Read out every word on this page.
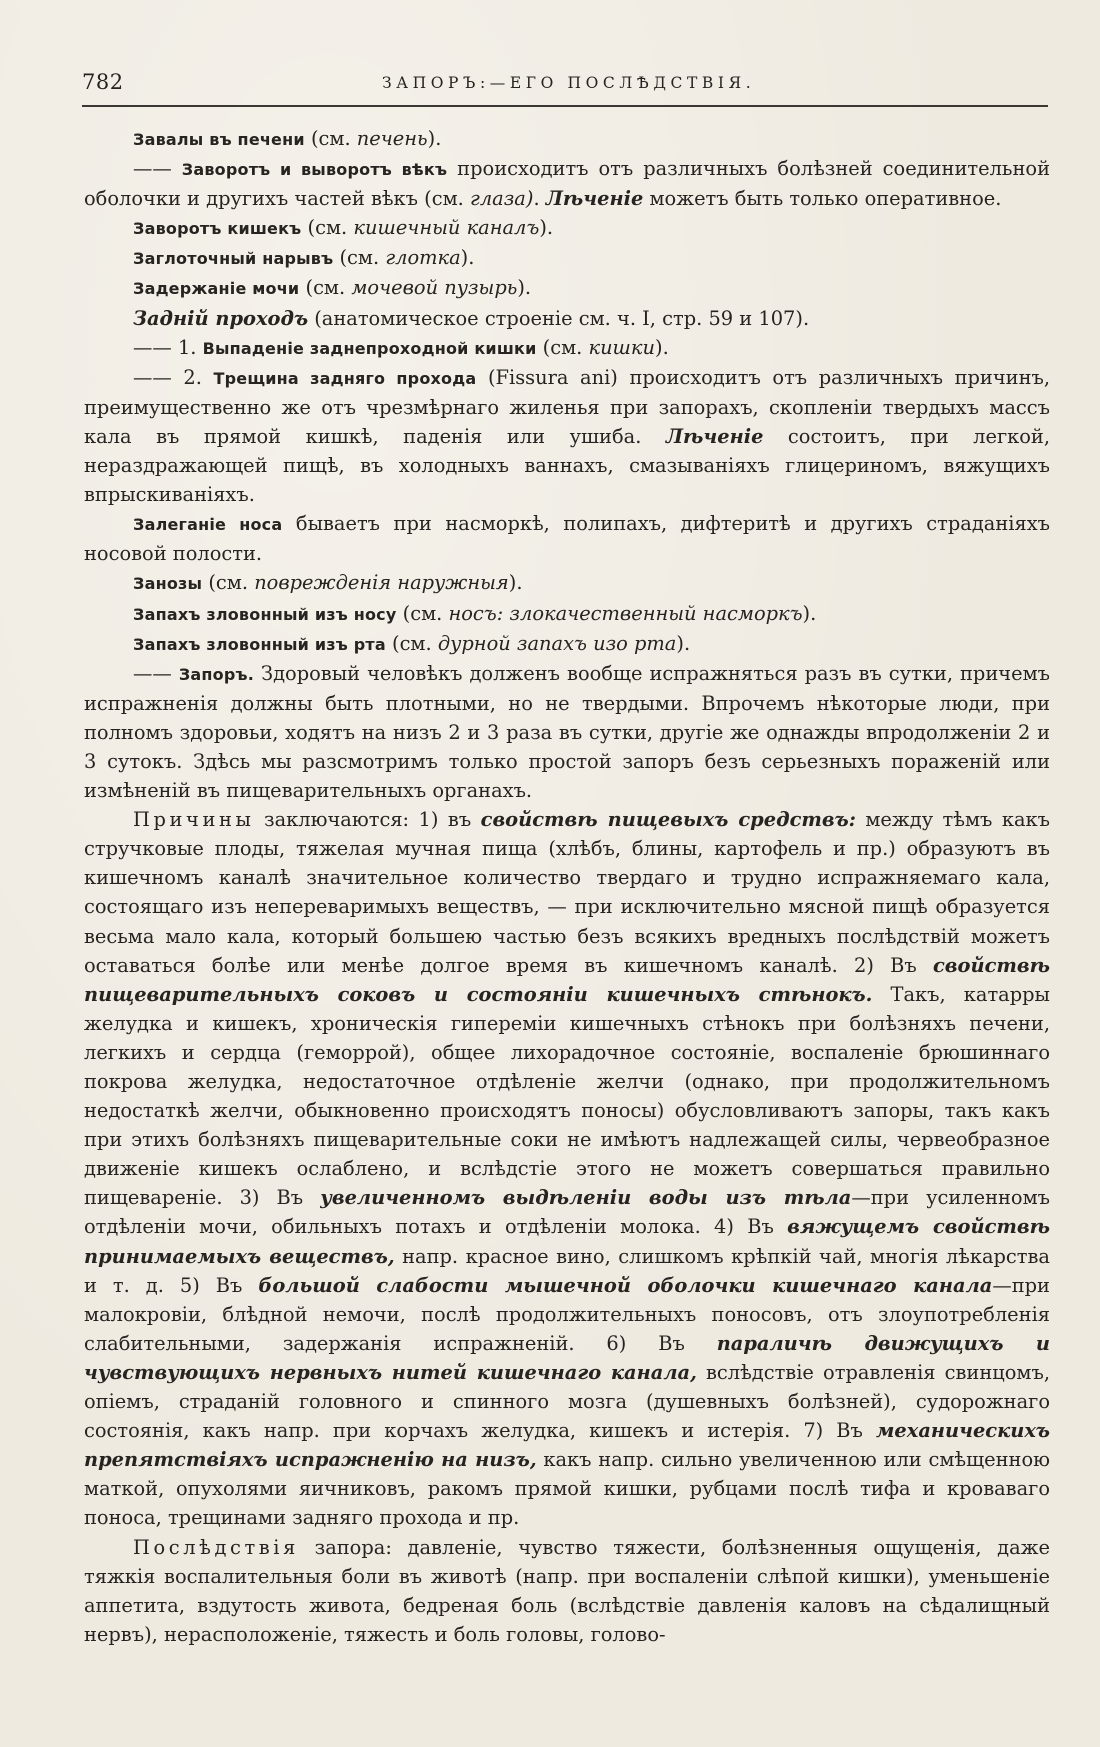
782	ЗАПОРЪ:—ЕГО ПОСЛѢДСТВІЯ.

Завалы въ печени (см. печень).

—— Заворотъ и выворотъ вѣкъ происходитъ отъ различныхъ болѣзней соединительной оболочки и другихъ частей вѣкъ (см. глаза). Лѣченіе можетъ быть только оперативное.

Заворотъ кишекъ (см. кишечный каналъ).

Заглоточный нарывъ (см. глотка).

Задержаніе мочи (см. мочевой пузырь).

Задній проходъ (анатомическое строеніе см. ч. I, стр. 59 и 107).

—— 1. Выпаденіе заднепроходной кишки (см. кишки).

—— 2. Трещина задняго прохода (Fissura ani) происходитъ отъ различныхъ причинъ, преимущественно же отъ чрезмѣрнаго жиленья при запорахъ, скопленіи твердыхъ массъ кала въ прямой кишкѣ, паденія или ушиба. Лѣченіе состоитъ, при легкой, нераздражающей пищѣ, въ холодныхъ ваннахъ, смазываніяхъ глицериномъ, вяжущихъ впрыскиваніяхъ.

Залеганіе носа бываетъ при насморкѣ, полипахъ, дифтеритѣ и другихъ страданіяхъ носовой полости.

Занозы (см. поврежденія наружныя).

Запахъ зловонный изъ носу (см. носъ: злокачественный насморкъ).

Запахъ зловонный изъ рта (см. дурной запахъ изо рта).

—— Запоръ. Здоровый человѣкъ долженъ вообще испражняться разъ въ сутки, причемъ испражненія должны быть плотными, но не твердыми. Впрочемъ нѣкоторые люди, при полномъ здоровьи, ходятъ на низъ 2 и 3 раза въ сутки, другіе же однажды впродолженіи 2 и 3 сутокъ. Здѣсь мы разсмотримъ только простой запоръ безъ серьезныхъ пораженій или измѣненій въ пищеварительныхъ органахъ.

Причины заключаются: 1) въ свойствѣ пищевыхъ средствъ: между тѣмъ какъ стручковые плоды, тяжелая мучная пища (хлѣбъ, блины, картофель и пр.) образуютъ въ кишечномъ каналѣ значительное количество твердаго и трудно испражняемаго кала, состоящаго изъ непереваримыхъ веществъ, — при исключительно мясной пищѣ образуется весьма мало кала, который большею частью безъ всякихъ вредныхъ послѣдствій можетъ оставаться болѣе или менѣе долгое время въ кишечномъ каналѣ. 2) Въ свойствѣ пищеварительныхъ соковъ и состояніи кишечныхъ стѣнокъ. Такъ, катарры желудка и кишекъ, хроническія гипереміи кишечныхъ стѣнокъ при болѣзняхъ печени, легкихъ и сердца (геморрой), общее лихорадочное состояніе, воспаленіе брюшиннаго покрова желудка, недостаточное отдѣленіе желчи (однако, при продолжительномъ недостаткѣ желчи, обыкновенно происходятъ поносы) обусловливаютъ запоры, такъ какъ при этихъ болѣзняхъ пищеварительные соки не имѣютъ надлежащей силы, червеобразное движеніе кишекъ ослаблено, и вслѣдстіе этого не можетъ совершаться правильно пищевареніе. 3) Въ увеличенномъ выдѣленіи воды изъ тѣла—при усиленномъ отдѣленіи мочи, обильныхъ потахъ и отдѣленіи молока. 4) Въ вяжущемъ свойствѣ принимаемыхъ веществъ, напр. красное вино, слишкомъ крѣпкій чай, многія лѣкарства и т. д. 5) Въ большой слабости мышечной оболочки кишечнаго канала—при малокровіи, блѣдной немочи, послѣ продолжительныхъ поносовъ, отъ злоупотребленія слабительными, задержанія испражненій. 6) Въ параличѣ движущихъ и чувствующихъ нервныхъ нитей кишечнаго канала, вслѣдствіе отравленія свинцомъ, опіемъ, страданій головного и спинного мозга (душевныхъ болѣзней), судорожнаго состоянія, какъ напр. при корчахъ желудка, кишекъ и истерія. 7) Въ механическихъ препятствіяхъ испражненію на низъ, какъ напр. сильно увеличенною или смѣщенною маткой, опухолями яичниковъ, ракомъ прямой кишки, рубцами послѣ тифа и кроваваго поноса, трещинами задняго прохода и пр.

Послѣдствія запора: давленіе, чувство тяжести, болѣзненныя ощущенія, даже тяжкія воспалительныя боли въ животѣ (напр. при воспаленіи слѣпой кишки), уменьшеніе аппетита, вздутость живота, бедреная боль (вслѣдствіе давленія каловъ на сѣдалищный нервъ), нерасположеніе, тяжесть и боль головы, голово-
